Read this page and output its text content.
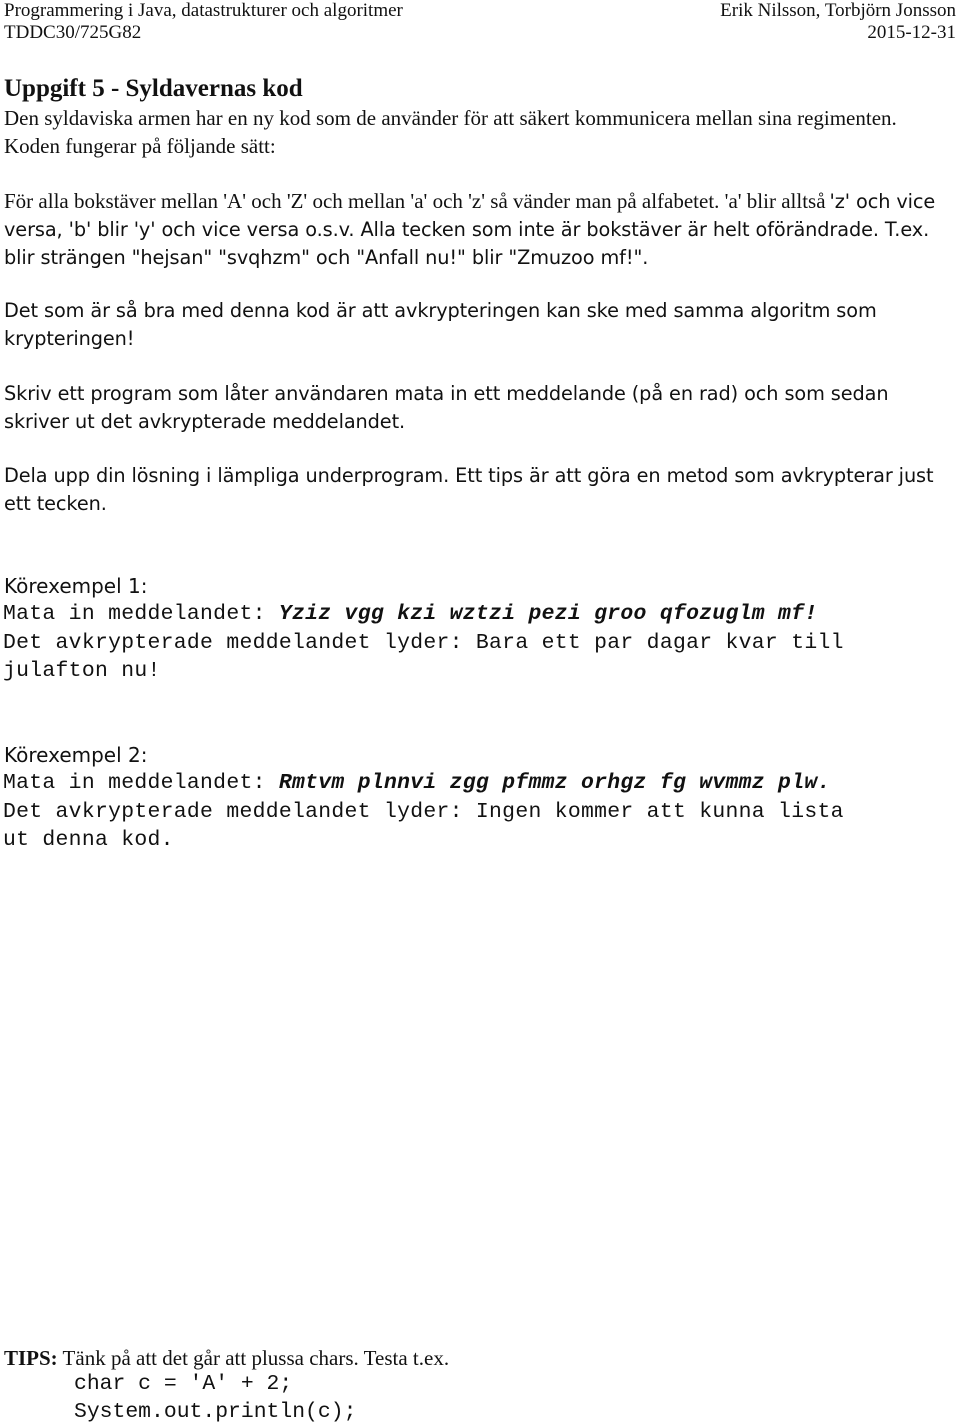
Programmering i Java, datastrukturer och algoritmer
TDDC30/725G82
Erik Nilsson, Torbjörn Jonsson
2015-12-31
Uppgift 5 - Syldavernas kod
Den syldaviska armen har en ny kod som de använder för att säkert kommunicera mellan sina regimenten. Koden fungerar på följande sätt:
För alla bokstäver mellan 'A' och 'Z' och mellan 'a' och 'z' så vänder man på alfabetet. 'a' blir alltså 'z' och vice versa, 'b' blir 'y' och vice versa o.s.v. Alla tecken som inte är bokstäver är helt oförändrade. T.ex. blir strängen "hejsan" "svqhzm" och "Anfall nu!" blir "Zmuzoo mf!".
Det som är så bra med denna kod är att avkrypteringen kan ske med samma algoritm som krypteringen!
Skriv ett program som låter användaren mata in ett meddelande (på en rad) och som sedan skriver ut det avkrypterade meddelandet.
Dela upp din lösning i lämpliga underprogram. Ett tips är att göra en metod som avkrypterar just ett tecken.
Körexempel 1:
Mata in meddelandet: Yziz vgg kzi wztzi pezi groo qfozuglm mf!
Det avkrypterade meddelandet lyder: Bara ett par dagar kvar till
julafton nu!
Körexempel 2:
Mata in meddelandet: Rmtvm plnnvi zgg pfmmz orhgz fg wvmmz plw.
Det avkrypterade meddelandet lyder: Ingen kommer att kunna lista
ut denna kod.
TIPS: Tänk på att det går att plussa chars. Testa t.ex.
char c = 'A' + 2;
System.out.println(c);
